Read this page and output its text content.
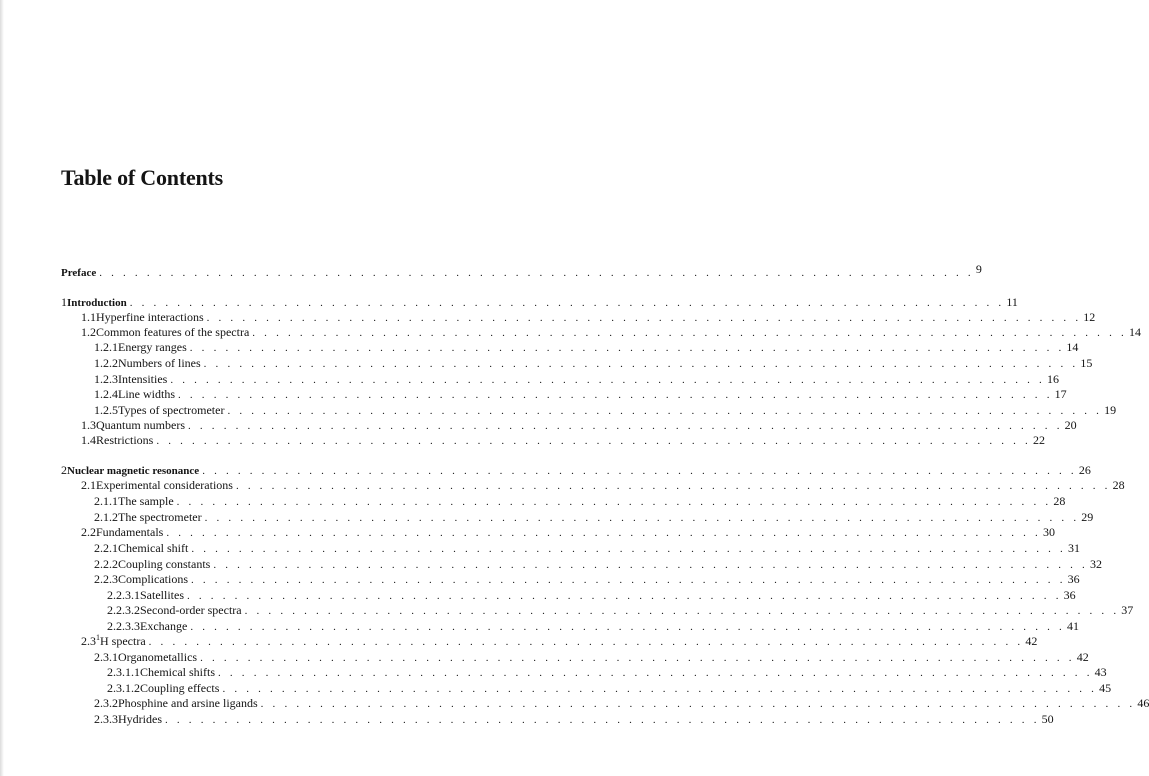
Table of Contents
Preface . . . . . . . . . . . . . . . . . . . . . . . . . . . . . . . . . . . . . . . . . . . . . . . . . . . . . . . . . . . . . . . . . . . . . . . . . . 9
1 Introduction . . . . . . . . . . . . . . . . . . . . . . . . . . . . . . . . . . . . . . . . . . . . . . . . . . . . . . . . . . . . . . . . . . . . . . . . . . 11
1.1 Hyperfine interactions . . . . . . . . . . . . . . . . . . . . . . . . . . . . . . . . . . . . . . . . . . . . . . . . . . . . . . . . . . . . . . . . . . . . . . . . . . 12
1.2 Common features of the spectra . . . . . . . . . . . . . . . . . . . . . . . . . . . . . . . . . . . . . . . . . . . . . . . . . . . . . . . . . . . . . . . . . . . . . . . . . . 14
1.2.1 Energy ranges . . . . . . . . . . . . . . . . . . . . . . . . . . . . . . . . . . . . . . . . . . . . . . . . . . . . . . . . . . . . . . . . . . . . . . . . . . 14
1.2.2 Numbers of lines . . . . . . . . . . . . . . . . . . . . . . . . . . . . . . . . . . . . . . . . . . . . . . . . . . . . . . . . . . . . . . . . . . . . . . . . . . 15
1.2.3 Intensities . . . . . . . . . . . . . . . . . . . . . . . . . . . . . . . . . . . . . . . . . . . . . . . . . . . . . . . . . . . . . . . . . . . . . . . . . . 16
1.2.4 Line widths . . . . . . . . . . . . . . . . . . . . . . . . . . . . . . . . . . . . . . . . . . . . . . . . . . . . . . . . . . . . . . . . . . . . . . . . . . 17
1.2.5 Types of spectrometer . . . . . . . . . . . . . . . . . . . . . . . . . . . . . . . . . . . . . . . . . . . . . . . . . . . . . . . . . . . . . . . . . . . . . . . . . . 19
1.3 Quantum numbers . . . . . . . . . . . . . . . . . . . . . . . . . . . . . . . . . . . . . . . . . . . . . . . . . . . . . . . . . . . . . . . . . . . . . . . . . . 20
1.4 Restrictions . . . . . . . . . . . . . . . . . . . . . . . . . . . . . . . . . . . . . . . . . . . . . . . . . . . . . . . . . . . . . . . . . . . . . . . . . . 22
2 Nuclear magnetic resonance . . . . . . . . . . . . . . . . . . . . . . . . . . . . . . . . . . . . . . . . . . . . . . . . . . . . . . . . . . . . . . . . . . . . . . . . . . 26
2.1 Experimental considerations . . . . . . . . . . . . . . . . . . . . . . . . . . . . . . . . . . . . . . . . . . . . . . . . . . . . . . . . . . . . . . . . . . . . . . . . . . 28
2.1.1 The sample . . . . . . . . . . . . . . . . . . . . . . . . . . . . . . . . . . . . . . . . . . . . . . . . . . . . . . . . . . . . . . . . . . . . . . . . . . 28
2.1.2 The spectrometer . . . . . . . . . . . . . . . . . . . . . . . . . . . . . . . . . . . . . . . . . . . . . . . . . . . . . . . . . . . . . . . . . . . . . . . . . . 29
2.2 Fundamentals . . . . . . . . . . . . . . . . . . . . . . . . . . . . . . . . . . . . . . . . . . . . . . . . . . . . . . . . . . . . . . . . . . . . . . . . . . 30
2.2.1 Chemical shift . . . . . . . . . . . . . . . . . . . . . . . . . . . . . . . . . . . . . . . . . . . . . . . . . . . . . . . . . . . . . . . . . . . . . . . . . . 31
2.2.2 Coupling constants . . . . . . . . . . . . . . . . . . . . . . . . . . . . . . . . . . . . . . . . . . . . . . . . . . . . . . . . . . . . . . . . . . . . . . . . . . 32
2.2.3 Complications . . . . . . . . . . . . . . . . . . . . . . . . . . . . . . . . . . . . . . . . . . . . . . . . . . . . . . . . . . . . . . . . . . . . . . . . . . 36
2.2.3.1 Satellites . . . . . . . . . . . . . . . . . . . . . . . . . . . . . . . . . . . . . . . . . . . . . . . . . . . . . . . . . . . . . . . . . . . . . . . . . . 36
2.2.3.2 Second-order spectra . . . . . . . . . . . . . . . . . . . . . . . . . . . . . . . . . . . . . . . . . . . . . . . . . . . . . . . . . . . . . . . . . . . . . . . . . . 37
2.2.3.3 Exchange . . . . . . . . . . . . . . . . . . . . . . . . . . . . . . . . . . . . . . . . . . . . . . . . . . . . . . . . . . . . . . . . . . . . . . . . . . 41
2.3 $^1$H spectra . . . . . . . . . . . . . . . . . . . . . . . . . . . . . . . . . . . . . . . . . . . . . . . . . . . . . . . . . . . . . . . . . . . . . . . . . . 42
2.3.1 Organometallics . . . . . . . . . . . . . . . . . . . . . . . . . . . . . . . . . . . . . . . . . . . . . . . . . . . . . . . . . . . . . . . . . . . . . . . . . . 42
2.3.1.1 Chemical shifts . . . . . . . . . . . . . . . . . . . . . . . . . . . . . . . . . . . . . . . . . . . . . . . . . . . . . . . . . . . . . . . . . . . . . . . . . . 43
2.3.1.2 Coupling effects . . . . . . . . . . . . . . . . . . . . . . . . . . . . . . . . . . . . . . . . . . . . . . . . . . . . . . . . . . . . . . . . . . . . . . . . . . 45
2.3.2 Phosphine and arsine ligands . . . . . . . . . . . . . . . . . . . . . . . . . . . . . . . . . . . . . . . . . . . . . . . . . . . . . . . . . . . . . . . . . . . . . . . . . . 46
2.3.3 Hydrides . . . . . . . . . . . . . . . . . . . . . . . . . . . . . . . . . . . . . . . . . . . . . . . . . . . . . . . . . . . . . . . . . . . . . . . . . . 50
